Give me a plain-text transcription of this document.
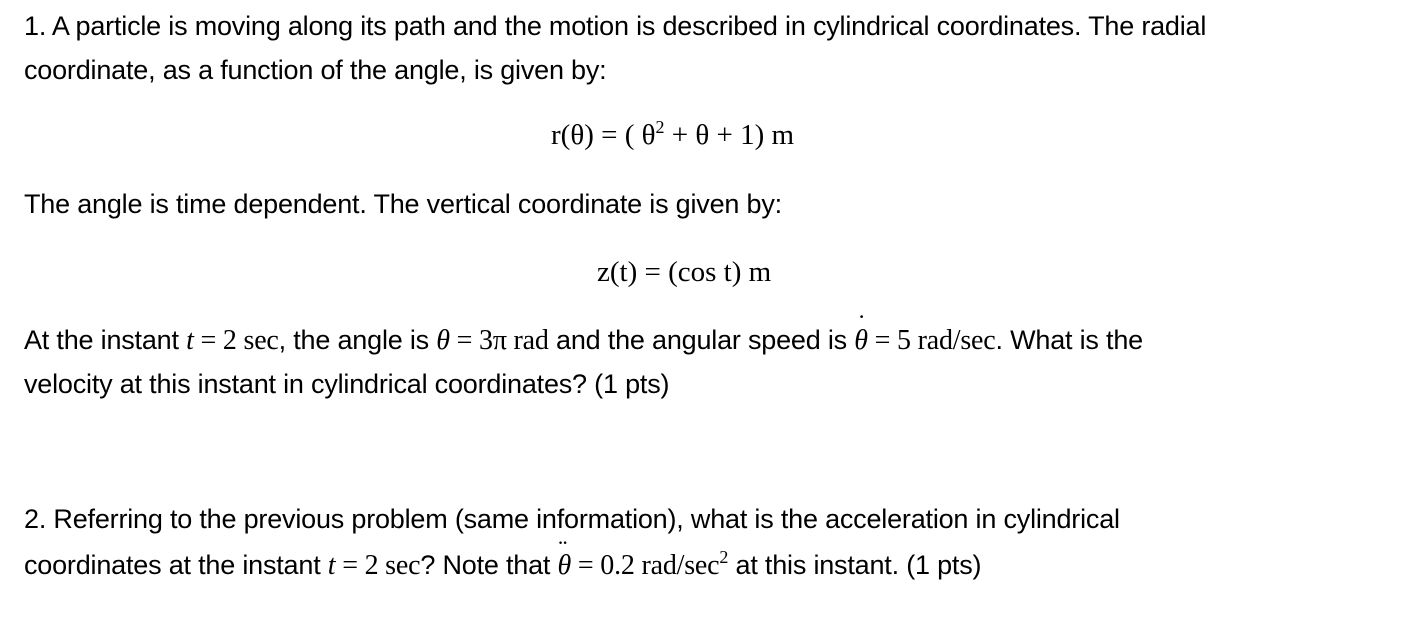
1. A particle is moving along its path and the motion is described in cylindrical coordinates. The radial
coordinate, as a function of the angle, is given by:
r(θ) = ( $\theta^2 + \theta + 1$) m
The angle is time dependent. The vertical coordinate is given by:
z(t) = (cos t) m
At the instant t = 2 sec, the angle is θ = 3π rad and the angular speed is θ ˙ = 5 rad/sec. What is the
velocity at this instant in cylindrical coordinates? (1 pts)
2. Referring to the previous problem (same information), what is the acceleration in cylindrical
coordinates at the instant t = 2 sec? Note that θ ¨ = 0.2 rad/$\sec^2$ at this instant. (1 pts)
